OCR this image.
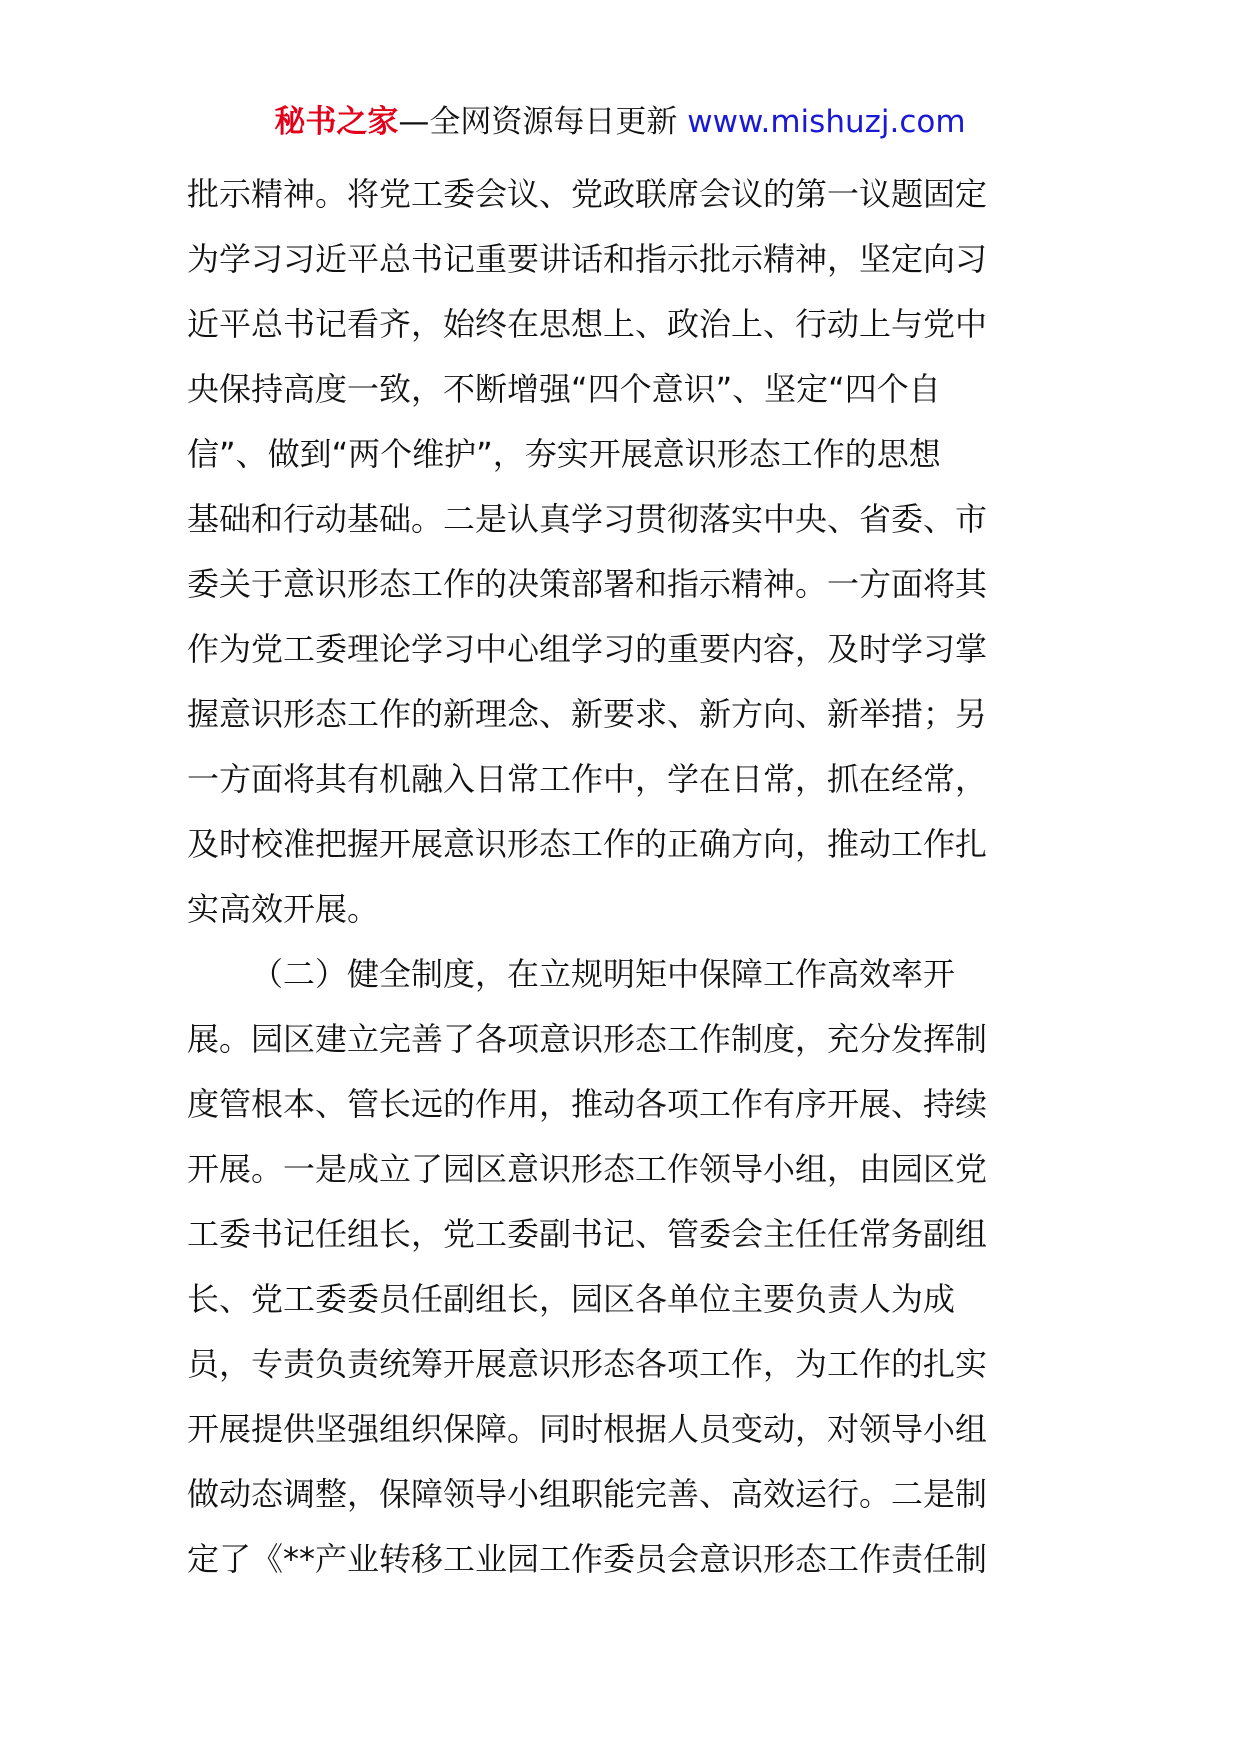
秘书之家—全网资源每日更新 www.mishuzj.com
批示精神。将党工委会议、党政联席会议的第一议题固定
为学习习近平总书记重要讲话和指示批示精神，坚定向习
近平总书记看齐，始终在思想上、政治上、行动上与党中
央保持高度一致，不断增强“四个意识”、坚定“四个自
信”、做到“两个维护”，夯实开展意识形态工作的思想
基础和行动基础。二是认真学习贯彻落实中央、省委、市
委关于意识形态工作的决策部署和指示精神。一方面将其
作为党工委理论学习中心组学习的重要内容，及时学习掌
握意识形态工作的新理念、新要求、新方向、新举措；另
一方面将其有机融入日常工作中，学在日常，抓在经常，
及时校准把握开展意识形态工作的正确方向，推动工作扎
实高效开展。
（二）健全制度，在立规明矩中保障工作高效率开
展。园区建立完善了各项意识形态工作制度，充分发挥制
度管根本、管长远的作用，推动各项工作有序开展、持续
开展。一是成立了园区意识形态工作领导小组，由园区党
工委书记任组长，党工委副书记、管委会主任任常务副组
长、党工委委员任副组长，园区各单位主要负责人为成
员，专责负责统筹开展意识形态各项工作，为工作的扎实
开展提供坚强组织保障。同时根据人员变动，对领导小组
做动态调整，保障领导小组职能完善、高效运行。二是制
定了《**产业转移工业园工作委员会意识形态工作责任制
